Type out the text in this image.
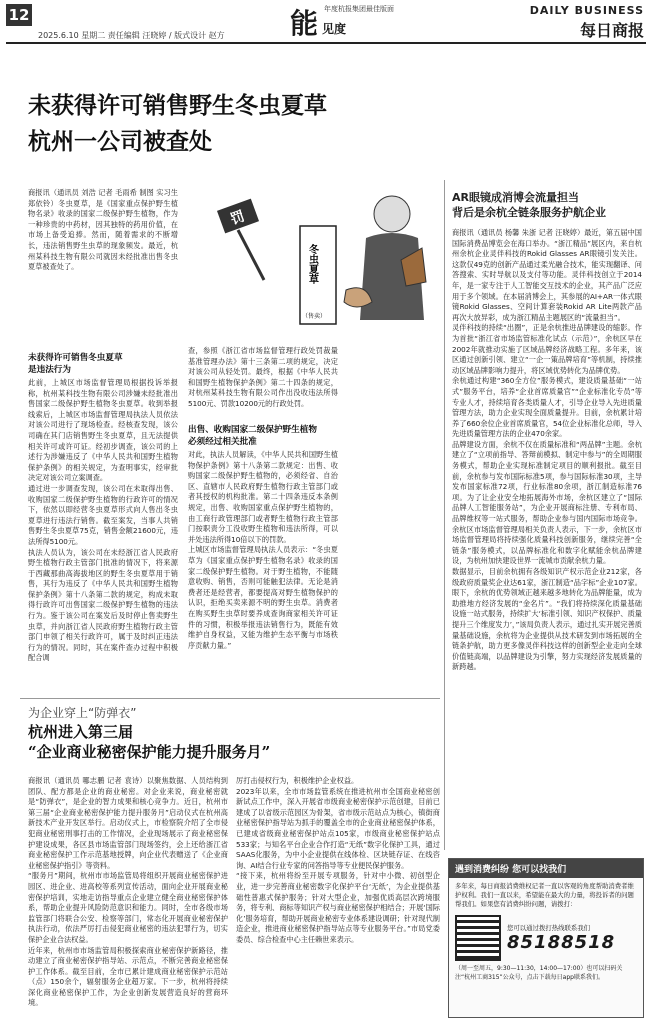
12
2025.6.10 星期二 责任编辑 汪晓婷 / 版式设计 赵方
年度杭报集团最佳版面
能 见度
DAILY BUSINESS
每日商报
未获得许可销售野生冬虫夏草
杭州一公司被查处
商报讯（通讯员 刘浩 记者 毛雨希 制图 实习生 郑依铃）冬虫夏草，是《国家重点保护野生植物名录》收录的国家二级保护野生植物，作为一种珍贵的中药材，因其独特的药用价值，在市场上备受追捧。然而，随着需求的不断增长，违法销售野生虫草的现象频发。最近，杭州某科技生物有限公司就因未经批准出售冬虫夏草被查处了。
罚
冬虫夏草
（售卖）
未获得许可销售冬虫夏草
是违法行为
此前，上城区市场监督管理局根据投诉举报称，杭州某科技生物有限公司涉嫌未经批准出售国家二级保护野生植物冬虫夏草。收到举报线索后，上城区市场监督管理局执法人员依法对该公司进行了现场检查。经核查发现，该公司确在其门店销售野生冬虫夏草，且无法提供相关许可或许可证。经初步调查，该公司的上述行为涉嫌违反了《中华人民共和国野生植物保护条例》的相关规定，为查明事实，经审批决定对该公司立案调查。
通过进一步调查发现，该公司在未取得出售、收购国家二级保护野生植物的行政许可的情况下，依然以即经营冬虫夏草形式向人售出冬虫夏草进行违法行销售。截至案发，当事人共销售野生冬虫夏草75克，销售金额21600元，违法所得5100元。
执法人员认为，该公司在未经浙江省人民政府野生植物行政主管部门批准的情况下，将来源于西藏那曲高海拔地区的野生冬虫夏草用于销售，其行为违反了《中华人民共和国野生植物保护条例》第十八条第二款的规定，构成未取得行政许可出售国家二级保护野生植物的违法行为。鉴于该公司在案发后及时停止售卖野生虫草，并向浙江省人民政府野生植物行政主管部门申领了相关行政许可，属于及时纠正违法行为的情况。同时，其在案件查办过程中积极配合调
查，参照《浙江省市场监督管理行政处罚裁量基准管理办法》第十三条第二项的规定，决定对该公司从轻处罚。最终，根据《中华人民共和国野生植物保护条例》第二十四条的规定，对杭州某科技生物有限公司作出没收违法所得5100元、罚款10200元的行政处罚。
出售、收购国家二级保护野生植物
必须经过相关批准
对此，执法人员解读，《中华人民共和国野生植物保护条例》第十八条第二款规定：出售、收购国家二级保护野生植物的，必须经省、自治区、直辖市人民政府野生植物行政主管部门或者其授权的机构批准。第二十四条违反本条例规定，出售、收购国家重点保护野生植物的，由工商行政管理部门或者野生植物行政主管部门按职责分工没收野生植物和违法所得，可以并处违法所得10倍以下的罚款。
上城区市场监督管理局执法人员表示：“冬虫夏草为《国家重点保护野生植物名录》收录的国家二级保护野生植物。对于野生植物，不能随意收购、销售，否则可能触犯法律。无论是消费者还是经营者，都要提高对野生植物保护的认识，拒绝买卖来源不明的野生虫草。消费者在购买野生虫草时要养成查询商家相关许可证件的习惯，积极举报违法销售行为，既能有效维护自身权益，又能为维护生态平衡与市场秩序贡献力量。”
AR眼镜成消博会流量担当
背后是余杭全链条服务护航企业
商报讯（通讯员 杨馨 朱浙 记者 汪晓婷）最近，第五届中国国际消费品博览会在海口举办。“浙江精品”展区内，来自杭州余杭企业灵伴科技的Rokid Glasses AR眼镜引发关注。这款仅49克的创新产品通过柔光融合技术，能实现翻译、问答搜索、实时导航以及支付等功能。灵伴科技创立于2014年，是一家专注于人工智能交互技术的企业，其产品广泛应用于多个领域。在本届消博会上，其参展的AI+AR一体式眼镜Rokid Glasses、空间计算套装Rokid AR Lite两款产品再次大放异彩，成为浙江精品主题展区的“流量担当”。
灵伴科技的持续“出圈”，正是余杭推进品牌建设的缩影。作为首批“浙江省市场监管标准化试点（示范）”，余杭区早在2002年就推动实施了区域品牌经济战略工程。多年来，该区通过创新引领、建立“一企一策品牌培育”等机制，持续推动区域品牌影响力提升，将区域优势转化为品牌优势。
余杭通过构建“360全方位”服务模式，建设质量基础“一站式”服务平台，培养“企业首席质量官”“企业标准化专员”等专业人才，持续培育各类质量人才，引导企业导入先进质量管理方法，助力企业实现全面质量提升。目前，余杭累计培养了660余位企业首席质量官，54位企业标准化总师，导入先进质量管理方法的企业470余家。
品牌建设方面，余杭不仅在质量标准和“两品牌”主题。余杭建立了“立项前指导、答辩前模拟、制定中参与”的全周期服务模式，帮助企业实现标准制定项目的顺利报批。截至目前，余杭参与发布国际标准5项，参与国际标准30项，主导发布国家标准72项，行业标准80余项，浙江制造标准76项。为了让企业安全地拓展海外市场，余杭区建立了“国际品牌人工智能服务站”，为企业开展商标注册、专利布局、品牌维权等一站式服务，帮助企业参与国内国际市场竞争。余杭区市场监督管理局相关负责人表示，下一步，余杭区市场监督管理局将持续强化质量科技创新服务，继续完善“全链条”服务模式，以品牌标准化和数字化赋能余杭品牌建设，为杭州加快建设世界一流城市贡献余杭力量。
数据显示，目前余杭拥有各级知识产权示范企业212家，各级政府质量奖企业达61家，浙江制造“品字标”企业107家。眼下，余杭的优势领域正越来越多地转化为品牌能量，成为助推地方经济发展的“金名片”。“我们将持续深化质量基础设施一站式服务，持续扩大‘标准引领、知识产权保护、质量提升三个维度发力’，”该局负责人表示，通过扎实开展完善质量基础设施，余杭将为企业提供从技术研发到市场拓展的全链条护航，助力更多像灵伴科技这样的创新型企业走向全球价值链高端，以品牌建设为引擎，努力实现经济发展质量的新跨越。
为企业穿上“防弹衣”
杭州进入第三届
“企业商业秘密保护能力提升服务月”
商报讯（通讯员 哪志鹏 记者 袁诗）以聚焦数据、人员结构到团队、配方都是企业的商业秘密。对企业来说，商业秘密就是“防弹衣”，是企业的智力成果和核心竞争力。近日，杭州市第三届“企业商业秘密保护能力提升服务月”启动仪式在杭州高新技术产业开发区举行。启动仪式上，市检察院介绍了全市侵犯商业秘密刑事打击的工作情况，企业现场展示了商业秘密保护建设成果，各区县市场监管部门现场签约，会上还给浙江省商业秘密保护工作示范基地授牌，向企业代表赠送了《企业商业秘密保护指引》等资料。
“服务月”期间，杭州市市场监管局将组织开展商业秘密保护进园区、进企业、进高校等系列宣传活动，面向企业开展商业秘密保护培训，实地走访指导重点企业建立健全商业秘密保护体系，帮助企业提升风险防范意识和能力。同时，全市各级市场监管部门将联合公安、检察等部门，常态化开展商业秘密保护执法行动，依法严厉打击侵犯商业秘密的违法犯罪行为，切实保护企业合法权益。
近年来，杭州市市场监管局积极探索商业秘密保护新路径，推动建立了商业秘密保护指导站、示范点，不断完善商业秘密保护工作体系。截至目前，全市已累计建成商业秘密保护示范站（点）150余个，辐射服务企业超万家。下一步，杭州将持续深化商业秘密保护工作，为企业创新发展营造良好的营商环境。
厉打击侵权行为，积极维护企业权益。
2023年以来，全市市场监管系统在推进杭州市全国商业秘密创新试点工作中，深入开展省市级商业秘密保护示范创建，目前已建成了以省级示范园区为骨架，省市级示范站点为核心，镇街商业秘密保护指导站为抓手的覆盖全市的企业商业秘密保护体系，已建成省级商业秘密保护站点105家，市级商业秘密保护站点533家；与知名平台企业合作打造“无纸”数字化保护工具，通过SAAS化服务，为中小企业提供在线体检、区块链存证、在线咨询、AI结合行业专家的问答指导等专业便民保护服务。
“接下来，杭州将纷至开展专项服务，针对中小微、初创型企业，进一步完善商业秘密数字化保护平台‘无纸’，为企业提供基础性普惠式保护服务；针对大型企业，加强优质高层次跨境服务，将专利、商标等知识产权与商业秘密保护相结合；开展‘国际化’服务培育，帮助开展商业秘密专业体系建设调研；针对现代制造企业，推进商业秘密保护指导站点等专业服务平台。”市局党委委员、综合检查中心主任赖世来表示。
遇到消费纠纷 您可以找我们
多年来，每日商报消费维权记者一直以客观的角度帮助消费者维护权利。我们一直以来，希望能在最大的力量，将投诉者的问题帮我们。如果您有消费纠纷问题，请拨打：
您可以通过拨打热线联系我们
85188518
（周一至周五，9:30—11:30，14:00—17:00）也可以扫码关注“杭州工商315”公众号，点击下载每日app联系我们。
